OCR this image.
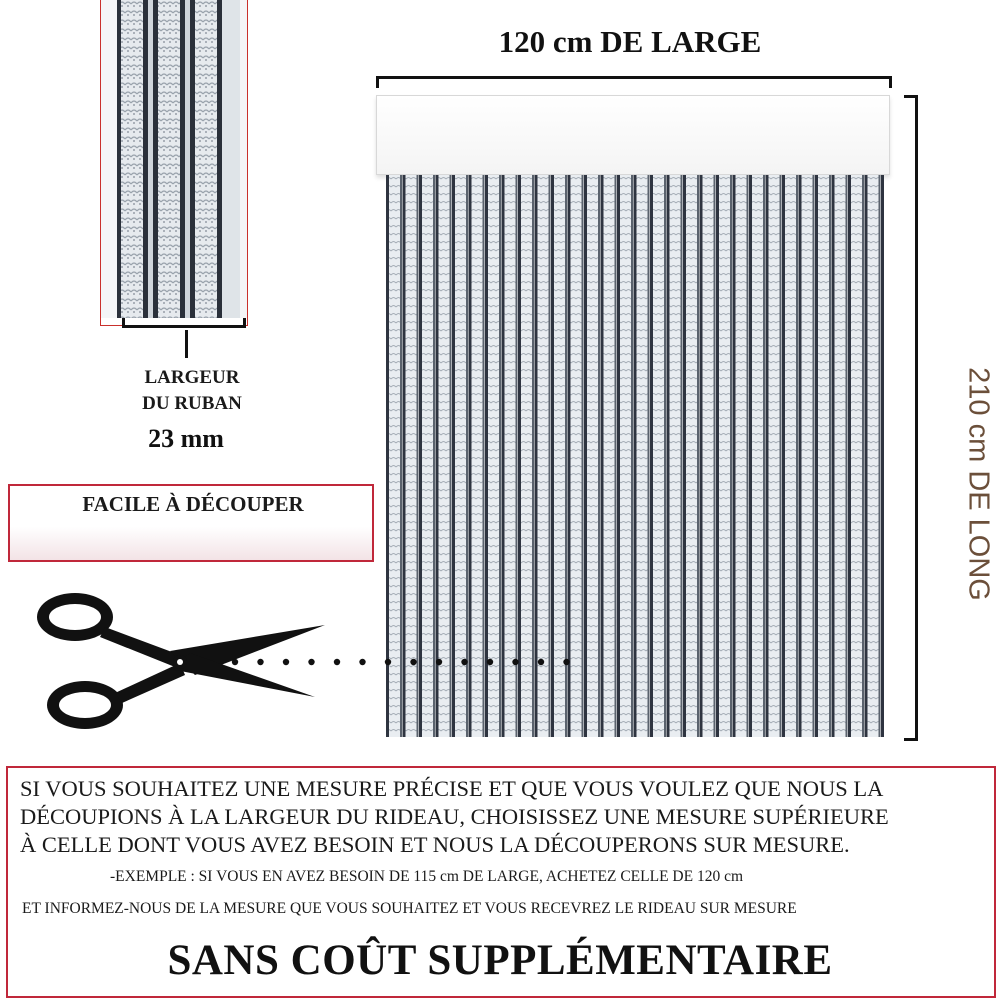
LARGEUR
DU RUBAN
23 mm
FACILE À DÉCOUPER
120 cm DE LARGE
210 cm DE LONG
SI VOUS SOUHAITEZ UNE MESURE PRÉCISE ET QUE VOUS VOULEZ QUE NOUS LA
DÉCOUPIONS À LA LARGEUR DU RIDEAU, CHOISISSEZ UNE MESURE SUPÉRIEURE
À CELLE DONT VOUS AVEZ BESOIN ET NOUS LA DÉCOUPERONS SUR MESURE.
-EXEMPLE : SI VOUS EN AVEZ BESOIN DE 115 cm DE LARGE, ACHETEZ CELLE DE 120 cm
ET INFORMEZ-NOUS DE LA MESURE QUE VOUS SOUHAITEZ ET VOUS RECEVREZ LE RIDEAU SUR MESURE
SANS COÛT SUPPLÉMENTAIRE
